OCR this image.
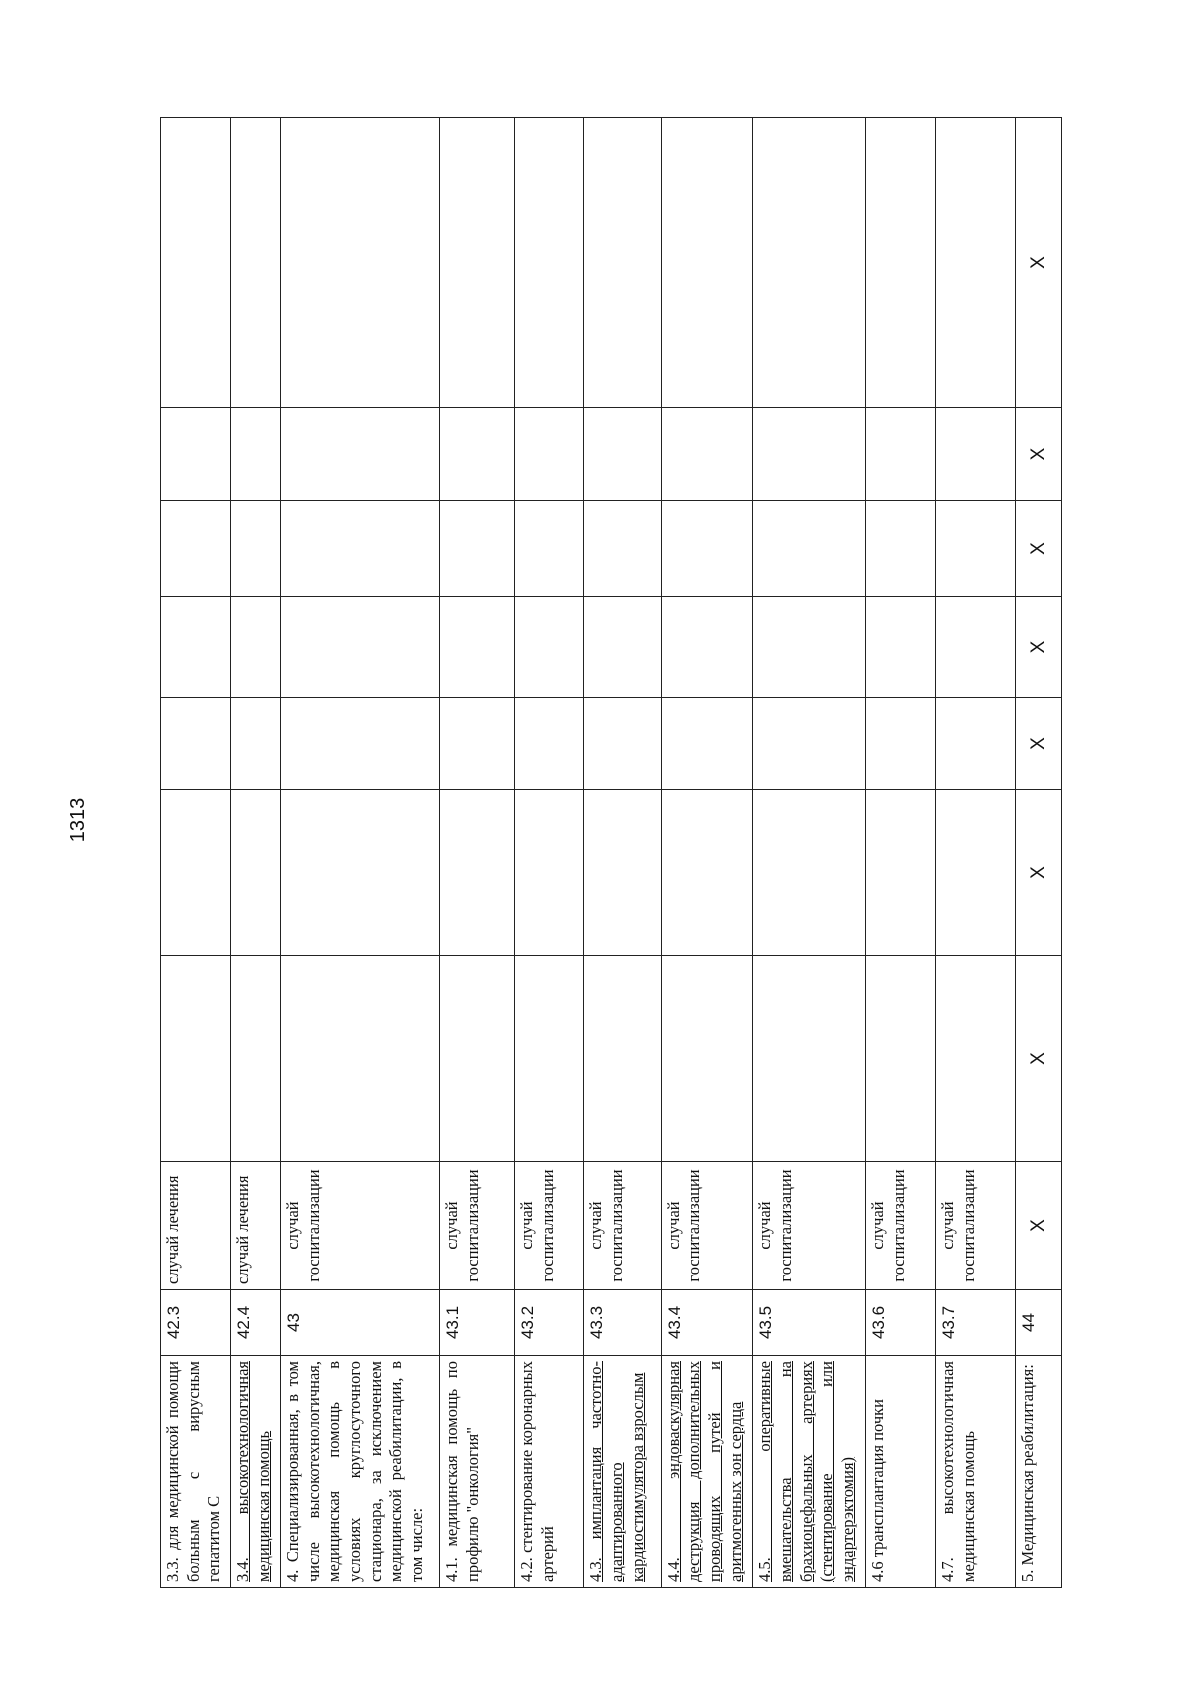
1313
3.3. для медицинской помощи больным с вирусным гепатитом С	42.3	случай лечения							
3.4. высокотехнологичная медицинская помощь	42.4	случай лечения							
4. Специализированная, в том числе высокотехнологичная, медицинская помощь в условиях круглосуточного стационара, за исключением медицинской реабилитации, в том числе:	43	случай госпитализации							
4.1. медицинская помощь по профилю "онкология"	43.1	случай госпитализации							
4.2. стентирование коронарных артерий	43.2	случай госпитализации							
4.3. имплантация частотно-адаптированного кардиостимулятора взрослым	43.3	случай госпитализации							
4.4. эндоваскулярная деструкция дополнительных проводящих путей и аритмогенных зон сердца	43.4	случай госпитализации							
4.5. оперативные вмешательства на брахиоцефальных артериях (стентирование или эндартерэктомия)	43.5	случай госпитализации							
4.6 трансплантация почки	43.6	случай госпитализации							
4.7. высокотехнологичная медицинская помощь	43.7	случай госпитализации							
5. Медицинская реабилитация:	44	Х	Х	Х	Х	Х	Х	Х	Х
